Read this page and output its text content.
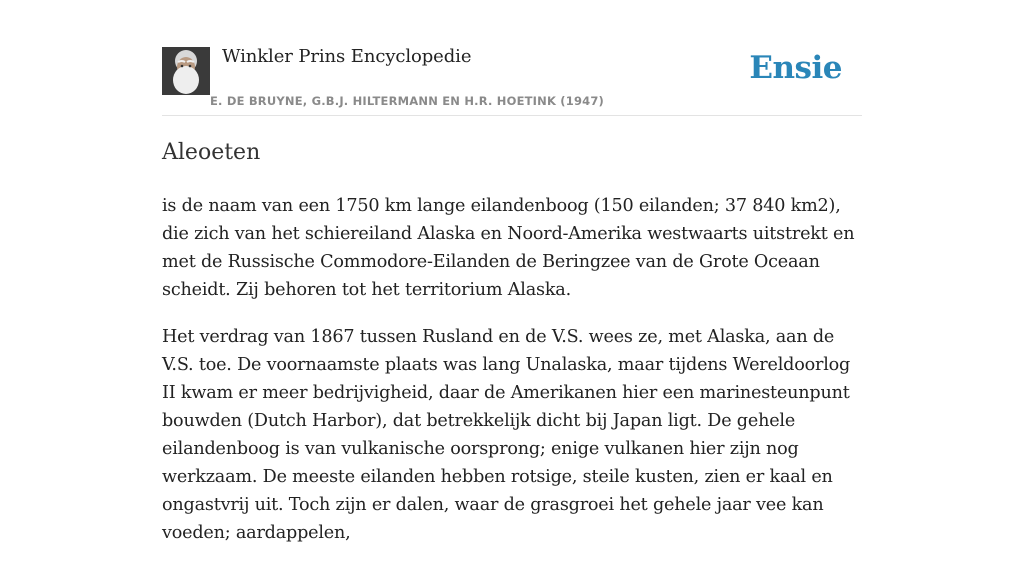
Winkler Prins Encyclopedie
E. DE BRUYNE, G.B.J. HILTERMANN EN H.R. HOETINK (1947)
Ensie
Aleoeten

is de naam van een 1750 km lange eilandenboog (150 eilanden; 37 840 km2), die zich van het schiereiland Alaska en Noord-Amerika westwaarts uitstrekt en met de Russische Commodore-Eilanden de Beringzee van de Grote Oceaan scheidt. Zij behoren tot het territorium Alaska.

Het verdrag van 1867 tussen Rusland en de V.S. wees ze, met Alaska, aan de V.S. toe. De voornaamste plaats was lang Unalaska, maar tijdens Wereldoorlog II kwam er meer bedrijvigheid, daar de Amerikanen hier een marinesteunpunt bouwden (Dutch Harbor), dat betrekkelijk dicht bij Japan ligt. De gehele eilandenboog is van vulkanische oorsprong; enige vulkanen hier zijn nog werkzaam. De meeste eilanden hebben rotsige, steile kusten, zien er kaal en ongastvrij uit. Toch zijn er dalen, waar de grasgroei het gehele jaar vee kan voeden; aardappelen,
